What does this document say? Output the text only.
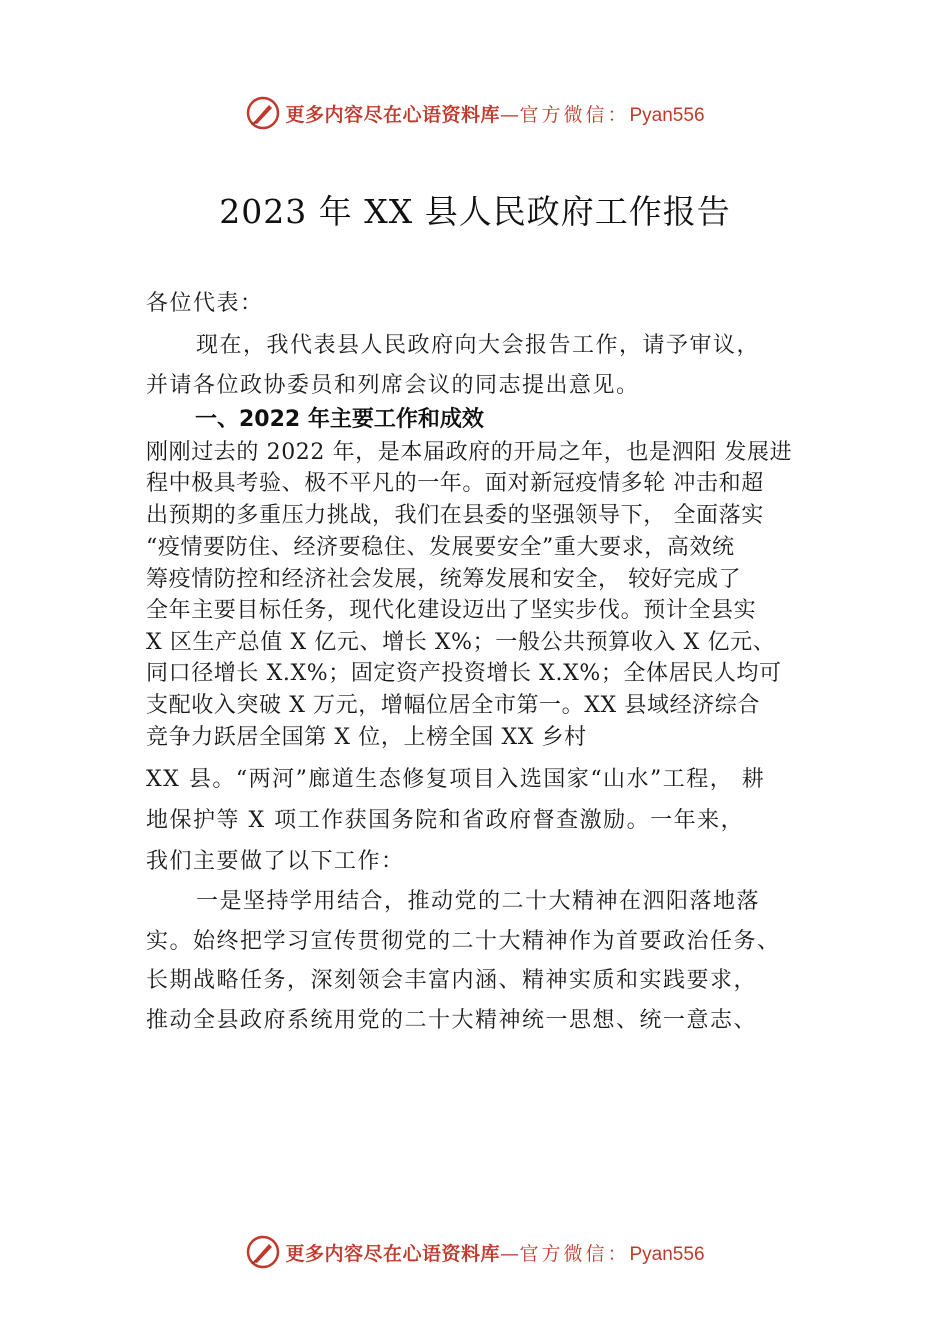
更多内容尽在心语资料库—官方微信：Pyan556
2023 年 XX 县人民政府工作报告
各位代表：
现在，我代表县人民政府向大会报告工作，请予审议，
并请各位政协委员和列席会议的同志提出意见。
一、2022 年主要工作和成效
刚刚过去的 2022 年，是本届政府的开局之年，也是泗阳 发展进
程中极具考验、极不平凡的一年。面对新冠疫情多轮 冲击和超
出预期的多重压力挑战，我们在县委的坚强领导下， 全面落实
“疫情要防住、经济要稳住、发展要安全”重大要求，高效统
筹疫情防控和经济社会发展，统筹发展和安全， 较好完成了
全年主要目标任务，现代化建设迈出了坚实步伐。预计全县实
X 区生产总值 X 亿元、增长 X%；一般公共预算收入 X 亿元、
同口径增长 X.X%；固定资产投资增长 X.X%；全体居民人均可
支配收入突破 X 万元，增幅位居全市第一。XX 县域经济综合
竞争力跃居全国第 X 位，上榜全国 XX 乡村
XX 县。“两河”廊道生态修复项目入选国家“山水”工程， 耕
地保护等 X 项工作获国务院和省政府督查激励。一年来，
我们主要做了以下工作：
一是坚持学用结合，推动党的二十大精神在泗阳落地落
实。始终把学习宣传贯彻党的二十大精神作为首要政治任务、
长期战略任务，深刻领会丰富内涵、精神实质和实践要求，
推动全县政府系统用党的二十大精神统一思想、统一意志、
更多内容尽在心语资料库—官方微信：Pyan556
